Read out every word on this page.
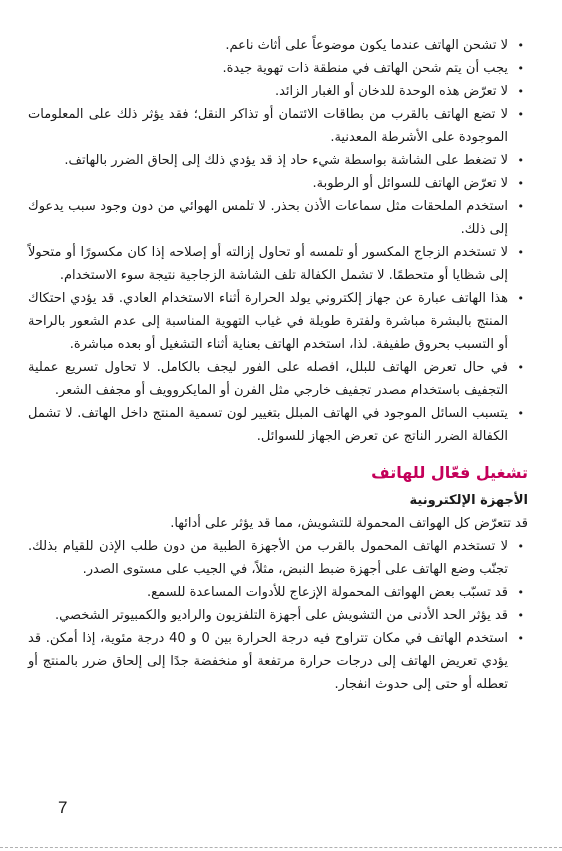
• لا تشحن الهاتف عندما يكون موضوعاً على أثاث ناعم.
• يجب أن يتم شحن الهاتف في منطقة ذات تهوية جيدة.
• لا تعرّض هذه الوحدة للدخان أو الغبار الزائد.
• لا تضع الهاتف بالقرب من بطاقات الائتمان أو تذاكر النقل؛ فقد يؤثر ذلك على المعلومات الموجودة على الأشرطة المعدنية.
• لا تضغط على الشاشة بواسطة شيء حاد إذ قد يؤدي ذلك إلى إلحاق الضرر بالهاتف.
• لا تعرّض الهاتف للسوائل أو الرطوبة.
• استخدم الملحقات مثل سماعات الأذن بحذر. لا تلمس الهوائي من دون وجود سبب يدعوك إلى ذلك.
• لا تستخدم الزجاج المكسور أو تلمسه أو تحاول إزالته أو إصلاحه إذا كان مكسورًا أو متحولاً إلى شظايا أو متحطمًا. لا تشمل الكفالة تلف الشاشة الزجاجية نتيجة سوء الاستخدام.
• هذا الهاتف عبارة عن جهاز إلكتروني يولد الحرارة أثناء الاستخدام العادي. قد يؤدي احتكاك المنتج بالبشرة مباشرة ولفترة طويلة في غياب التهوية المناسبة إلى عدم الشعور بالراحة أو التسبب بحروق طفيفة. لذا، استخدم الهاتف بعناية أثناء التشغيل أو بعده مباشرة.
• في حال تعرض الهاتف للبلل، افصله على الفور ليجف بالكامل. لا تحاول تسريع عملية التجفيف باستخدام مصدر تجفيف خارجي مثل الفرن أو المايكروويف أو مجفف الشعر.
• يتسبب السائل الموجود في الهاتف المبلل بتغيير لون تسمية المنتج داخل الهاتف. لا تشمل الكفالة الضرر الناتج عن تعرض الجهاز للسوائل.
تشغيل فعّال للهاتف
الأجهزة الإلكترونية

قد تتعرّض كل الهواتف المحمولة للتشويش، مما قد يؤثر على أدائها.

• لا تستخدم الهاتف المحمول بالقرب من الأجهزة الطبية من دون طلب الإذن للقيام بذلك. تجنّب وضع الهاتف على أجهزة ضبط النبض، مثلاً، في الجيب على مستوى الصدر.
• قد تسبّب بعض الهواتف المحمولة الإزعاج للأدوات المساعدة للسمع.
• قد يؤثر الحد الأدنى من التشويش على أجهزة التلفزيون والراديو والكمبيوتر الشخصي.
• استخدم الهاتف في مكان تتراوح فيه درجة الحرارة بين 0 و 40 درجة مئوية، إذا أمكن. قد يؤدي تعريض الهاتف إلى درجات حرارة مرتفعة أو منخفضة جدًا إلى إلحاق ضرر بالمنتج أو تعطله أو حتى إلى حدوث انفجار.
7
